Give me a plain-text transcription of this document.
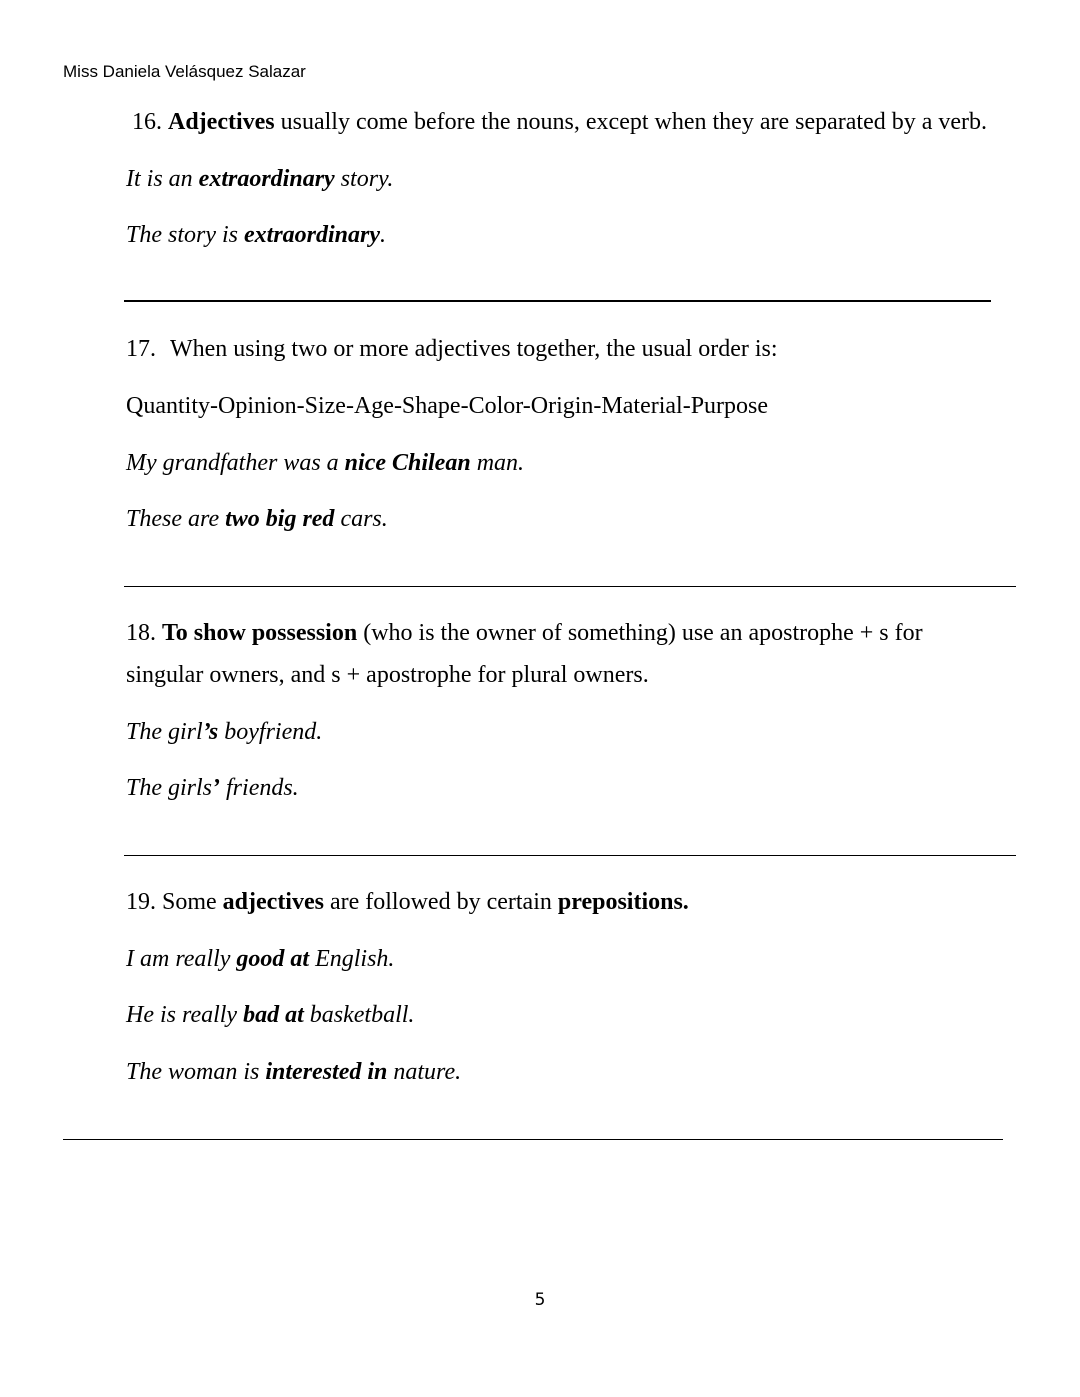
Miss Daniela Velásquez Salazar
16. Adjectives usually come before the nouns, except when they are separated by a verb.
It is an extraordinary story.
The story is extraordinary.
17. When using two or more adjectives together, the usual order is:
Quantity-Opinion-Size-Age-Shape-Color-Origin-Material-Purpose
My grandfather was a nice Chilean man.
These are two big red cars.
18. To show possession (who is the owner of something) use an apostrophe + s for
singular owners, and s + apostrophe for plural owners.
The girl’s boyfriend.
The girls’ friends.
19. Some adjectives are followed by certain prepositions.
I am really good at English.
He is really bad at basketball.
The woman is interested in nature.
5
